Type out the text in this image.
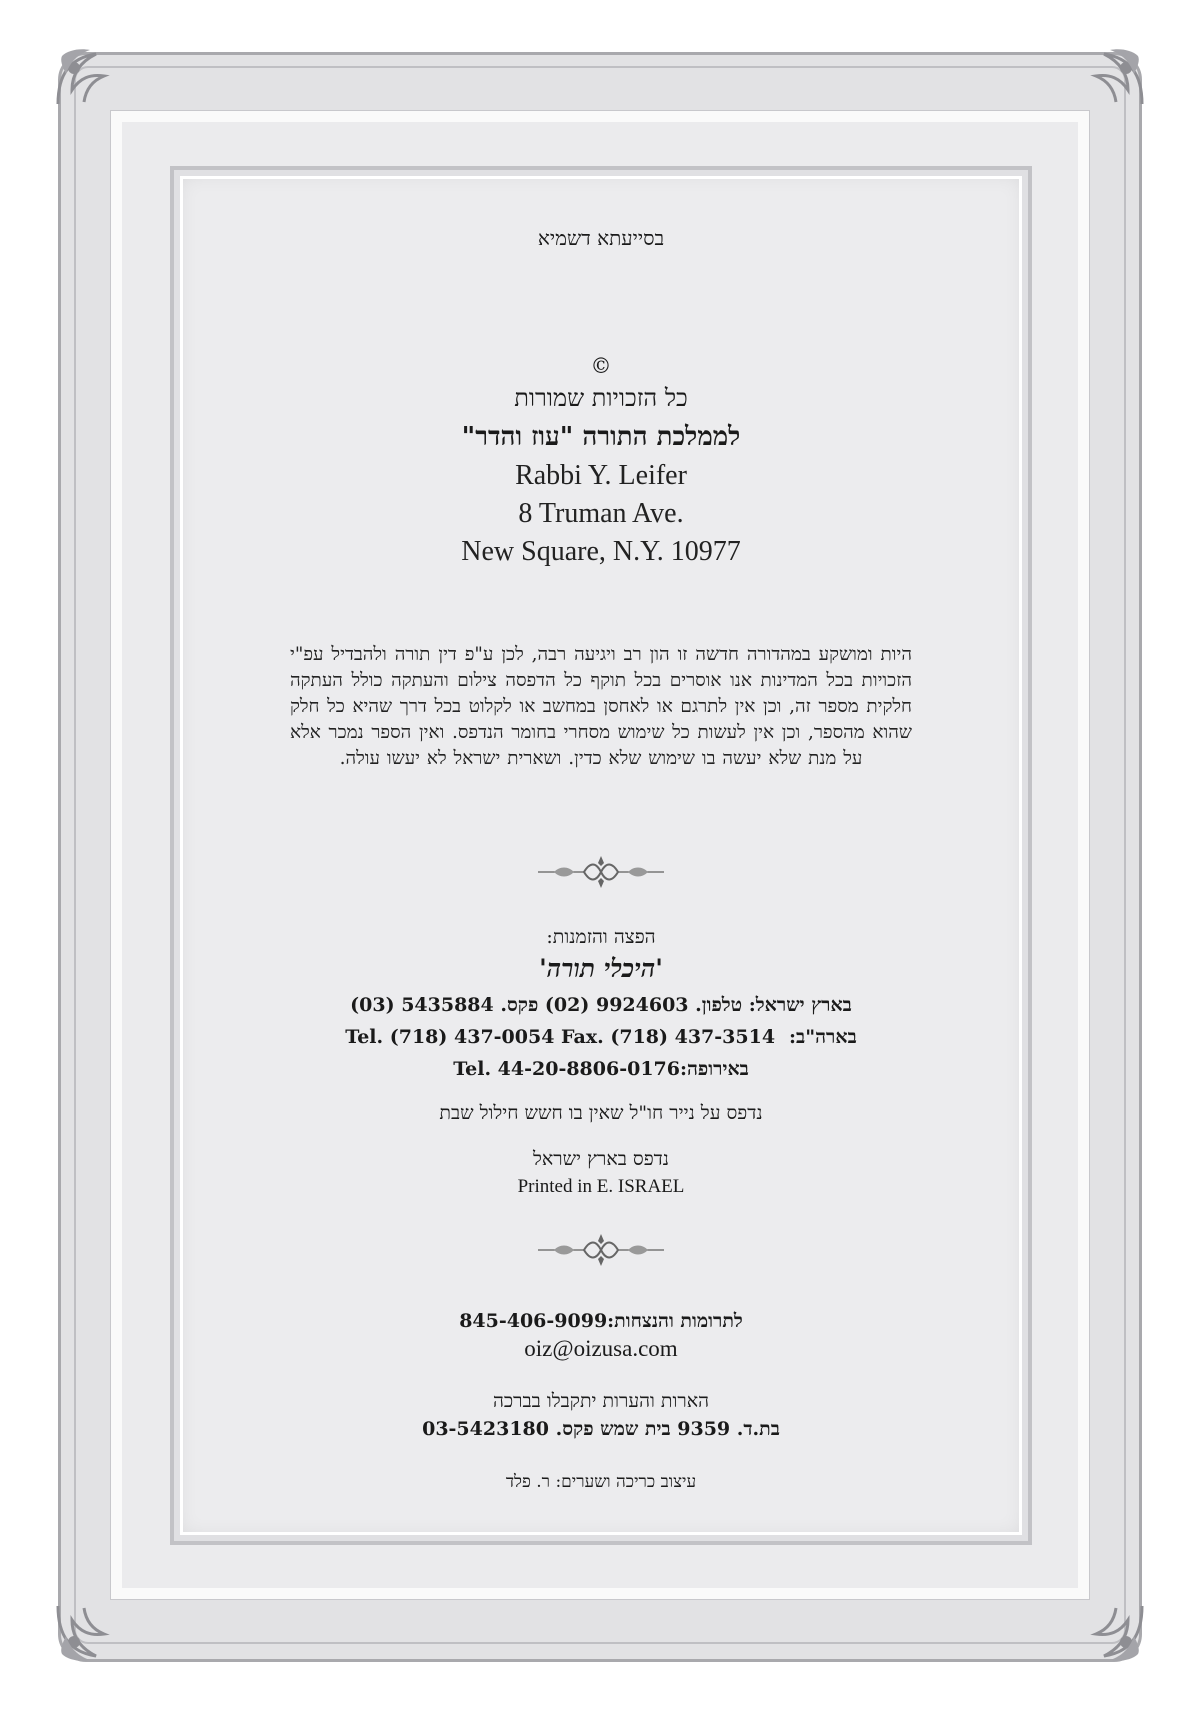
בסייעתא דשמיא
©
כל הזכויות שמורות
לממלכת התורה "עוז והדר"
Rabbi Y. Leifer
8 Truman Ave.
New Square, N.Y. 10977
היות ומושקע במהדורה חדשה זו הון רב ויגיעה רבה, לכן ע"פ דין תורה ולהבדיל עפ"י הזכויות בכל המדינות אנו אוסרים בכל תוקף כל הדפסה צילום והעתקה כולל העתקה חלקית מספר זה, וכן אין לתרגם או לאחסן במחשב או לקלוט בכל דרך שהיא כל חלק שהוא מהספר, וכן אין לעשות כל שימוש מסחרי בחומר הנדפס. ואין הספר נמכר אלא על מנת שלא יעשה בו שימוש שלא כדין. ושארית ישראל לא יעשו עולה.
הפצה והזמנות:
'היכלי תורה'
בארץ ישראל: טלפון. 9924603 (02) פקס. 5435884 (03)
Tel. (718) 437-0054 Fax. (718) 437-3514 בארה"ב:
Tel. 44-20-8806-0176באירופה:
נדפס על נייר חו"ל שאין בו חשש חילול שבת
נדפס בארץ ישראל
Printed in E. ISRAEL
845-406-9099לתרומות והנצחות:
oiz@oizusa.com
הארות והערות יתקבלו בברכה
בת.ד. 9359 בית שמש פקס. 03-5423180
עיצוב כריכה ושערים: ר. פלד
